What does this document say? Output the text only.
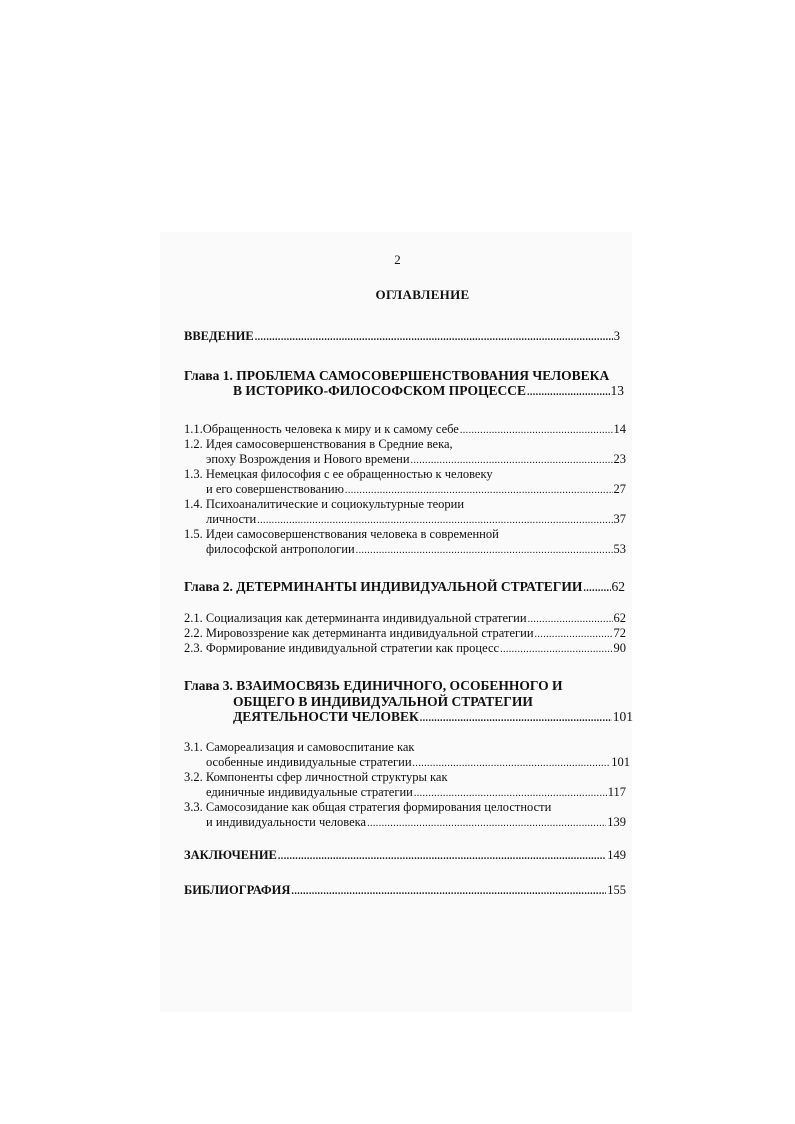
2
ОГЛАВЛЕНИЕ
ВВЕДЕНИЕ .....	3
Глава 1. ПРОБЛЕМА САМОСОВЕРШЕНСТВОВАНИЯ ЧЕЛОВЕКА
В ИСТОРИКО-ФИЛОСОФСКОМ ПРОЦЕССЕ .....	13
1.1.Обращенность человека к миру и к самому себе .....	14
1.2. Идея самосовершенствования в Средние века,
эпоху Возрождения и Нового времени .....	23
1.3. Немецкая философия с ее обращенностью к человеку
и его совершенствованию .....	27
1.4. Психоаналитические и социокультурные теории
личности .....	37
1.5. Идеи самосовершенствования человека в современной
философской антропологии .....	53
Глава 2. ДЕТЕРМИНАНТЫ ИНДИВИДУАЛЬНОЙ СТРАТЕГИИ ..... 62
2.1. Социализация как детерминанта индивидуальной стратегии .....	62
2.2. Мировоззрение как детерминанта индивидуальной стратегии .....	72
2.3. Формирование индивидуальной стратегии как процесс .....	90
Глава 3. ВЗАИМОСВЯЗЬ ЕДИНИЧНОГО, ОСОБЕННОГО И
ОБЩЕГО В ИНДИВИДУАЛЬНОЙ СТРАТЕГИИ
ДЕЯТЕЛЬНОСТИ ЧЕЛОВЕК .....	101
3.1. Самореализация и самовоспитание как
особенные индивидуальные стратегии .....	101
3.2. Компоненты сфер личностной структуры как
единичные индивидуальные стратегии .....	117
3.3. Самосозидание как общая стратегия формирования целостности
и индивидуальности человека .....	139
ЗАКЛЮЧЕНИЕ .....	149
БИБЛИОГРАФИЯ .....	155
